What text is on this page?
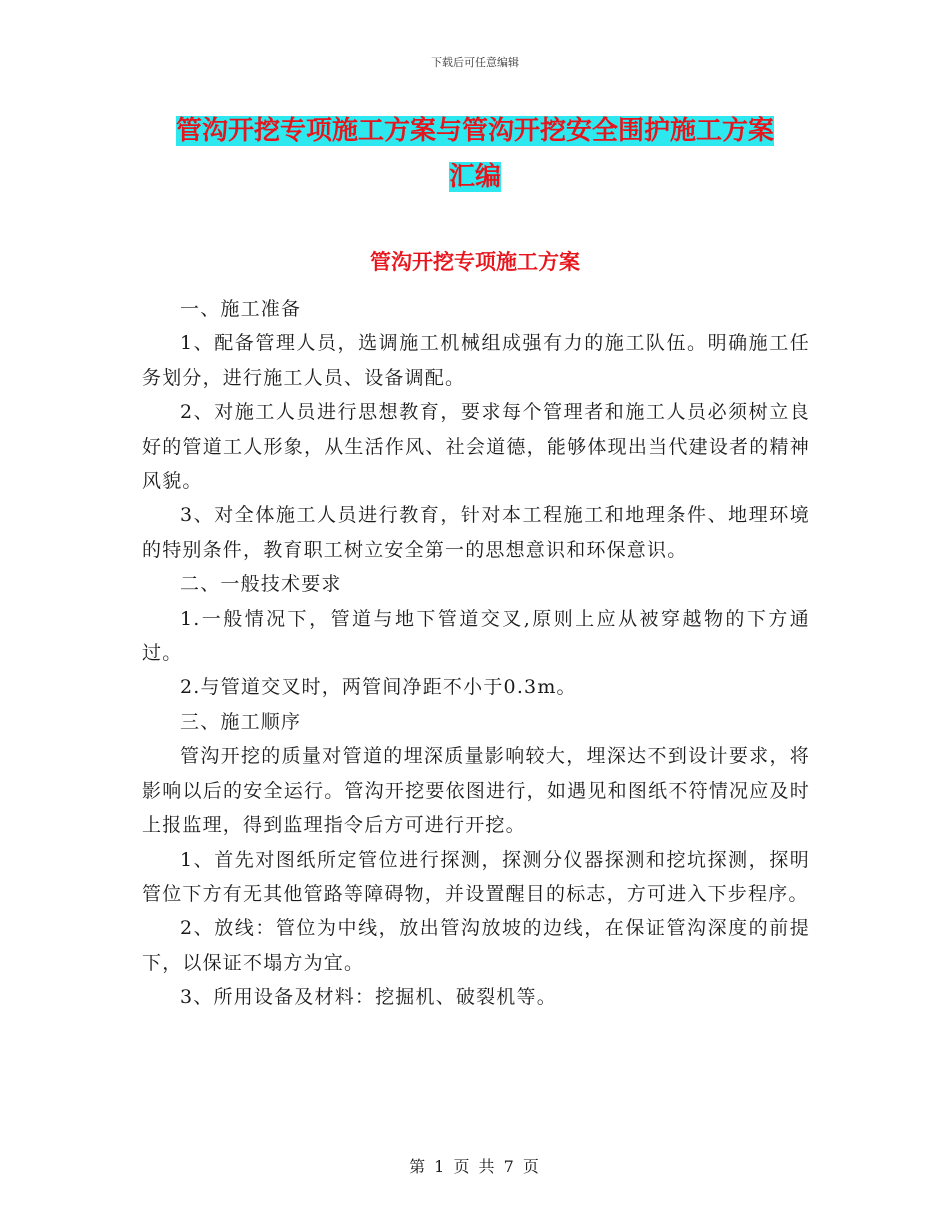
下载后可任意编辑
管沟开挖专项施工方案与管沟开挖安全围护施工方案
汇编
管沟开挖专项施工方案

一、施工准备

1、配备管理人员，选调施工机械组成强有力的施工队伍。明确施工任务划分，进行施工人员、设备调配。

2、对施工人员进行思想教育，要求每个管理者和施工人员必须树立良好的管道工人形象，从生活作风、社会道德，能够体现出当代建设者的精神风貌。

3、对全体施工人员进行教育，针对本工程施工和地理条件、地理环境的特别条件，教育职工树立安全第一的思想意识和环保意识。

二、一般技术要求

1.一般情况下，管道与地下管道交叉,原则上应从被穿越物的下方通过。

2.与管道交叉时，两管间净距不小于0.3m。

三、施工顺序

管沟开挖的质量对管道的埋深质量影响较大，埋深达不到设计要求，将影响以后的安全运行。管沟开挖要依图进行，如遇见和图纸不符情况应及时上报监理，得到监理指令后方可进行开挖。

1、首先对图纸所定管位进行探测，探测分仪器探测和挖坑探测，探明管位下方有无其他管路等障碍物，并设置醒目的标志，方可进入下步程序。

2、放线：管位为中线，放出管沟放坡的边线，在保证管沟深度的前提下，以保证不塌方为宜。

3、所用设备及材料：挖掘机、破裂机等。

第 1 页 共 7 页
